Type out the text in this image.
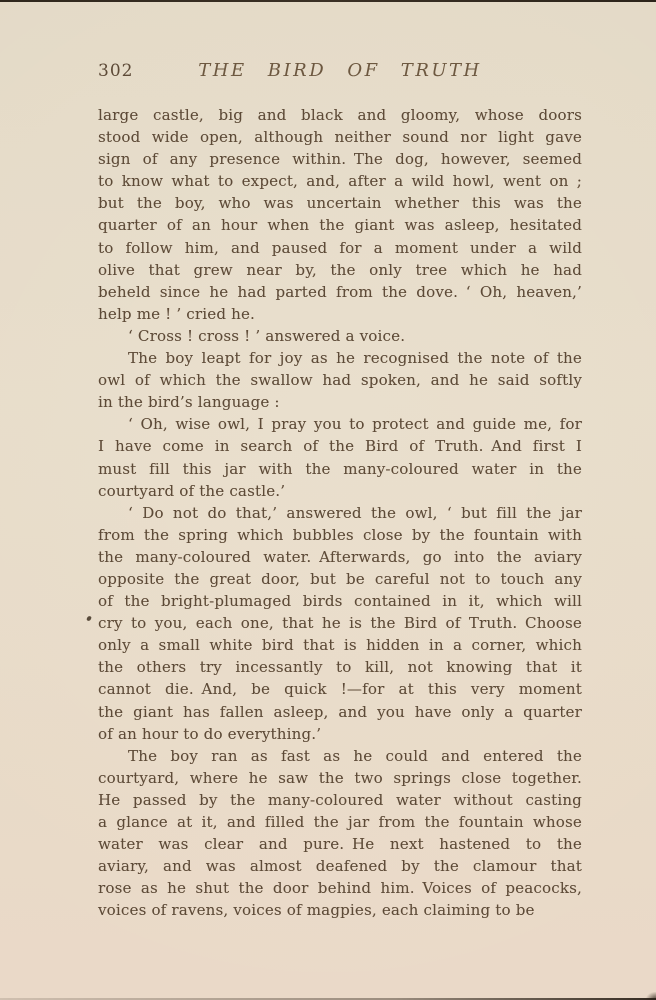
302	THE BIRD OF TRUTH
large castle, big and black and gloomy, whose doors
stood wide open, although neither sound nor light gave
sign of any presence within. The dog, however, seemed
to know what to expect, and, after a wild howl, went on ;
but the boy, who was uncertain whether this was the
quarter of an hour when the giant was asleep, hesitated
to follow him, and paused for a moment under a wild
olive that grew near by, the only tree which he had
beheld since he had parted from the dove. ‘ Oh, heaven,’
help me ! ’ cried he.
‘ Cross ! cross ! ’ answered a voice.
The boy leapt for joy as he recognised the note of the
owl of which the swallow had spoken, and he said softly
in the bird’s language :
‘ Oh, wise owl, I pray you to protect and guide me, for
I have come in search of the Bird of Truth. And first I
must fill this jar with the many-coloured water in the
courtyard of the castle.’
‘ Do not do that,’ answered the owl, ‘ but fill the jar
from the spring which bubbles close by the fountain with
the many-coloured water. Afterwards, go into the aviary
opposite the great door, but be careful not to touch any
of the bright-plumaged birds contained in it, which will
cry to you, each one, that he is the Bird of Truth. Choose
only a small white bird that is hidden in a corner, which
the others try incessantly to kill, not knowing that it
cannot die. And, be quick !—for at this very moment
the giant has fallen asleep, and you have only a quarter
of an hour to do everything.’
The boy ran as fast as he could and entered the
courtyard, where he saw the two springs close together.
He passed by the many-coloured water without casting
a glance at it, and filled the jar from the fountain whose
water was clear and pure. He next hastened to the
aviary, and was almost deafened by the clamour that
rose as he shut the door behind him. Voices of peacocks,
voices of ravens, voices of magpies, each claiming to be
